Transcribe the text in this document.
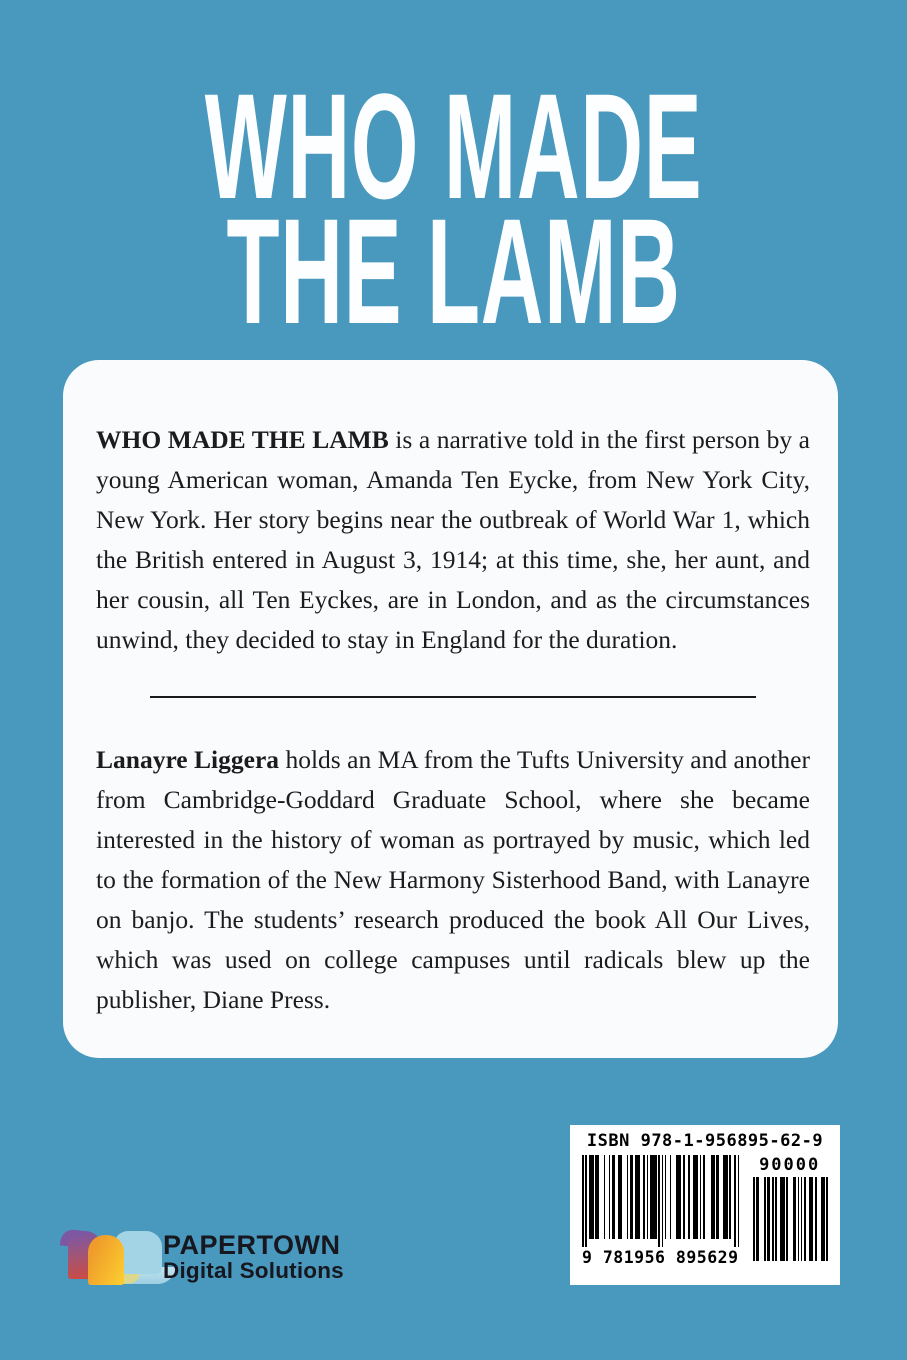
WHO MADE
THE LAMB

WHO MADE THE LAMB is a narrative told in the first person by a young American woman, Amanda Ten Eycke, from New York City, New York. Her story begins near the outbreak of World War 1, which the British entered in August 3, 1914; at this time, she, her aunt, and her cousin, all Ten Eyckes, are in London, and as the circumstances unwind, they decided to stay in England for the duration.

Lanayre Liggera holds an MA from the Tufts University and another from Cambridge-Goddard Graduate School, where she became interested in the history of woman as portrayed by music, which led to the formation of the New Harmony Sisterhood Band, with Lanayre on banjo. The students’ research produced the book All Our Lives, which was used on college campuses until radicals blew up the publisher, Diane Press.

PAPERTOWN
Digital Solutions
ISBN 978-1-956895-62-9
9 781956 895629
90000
